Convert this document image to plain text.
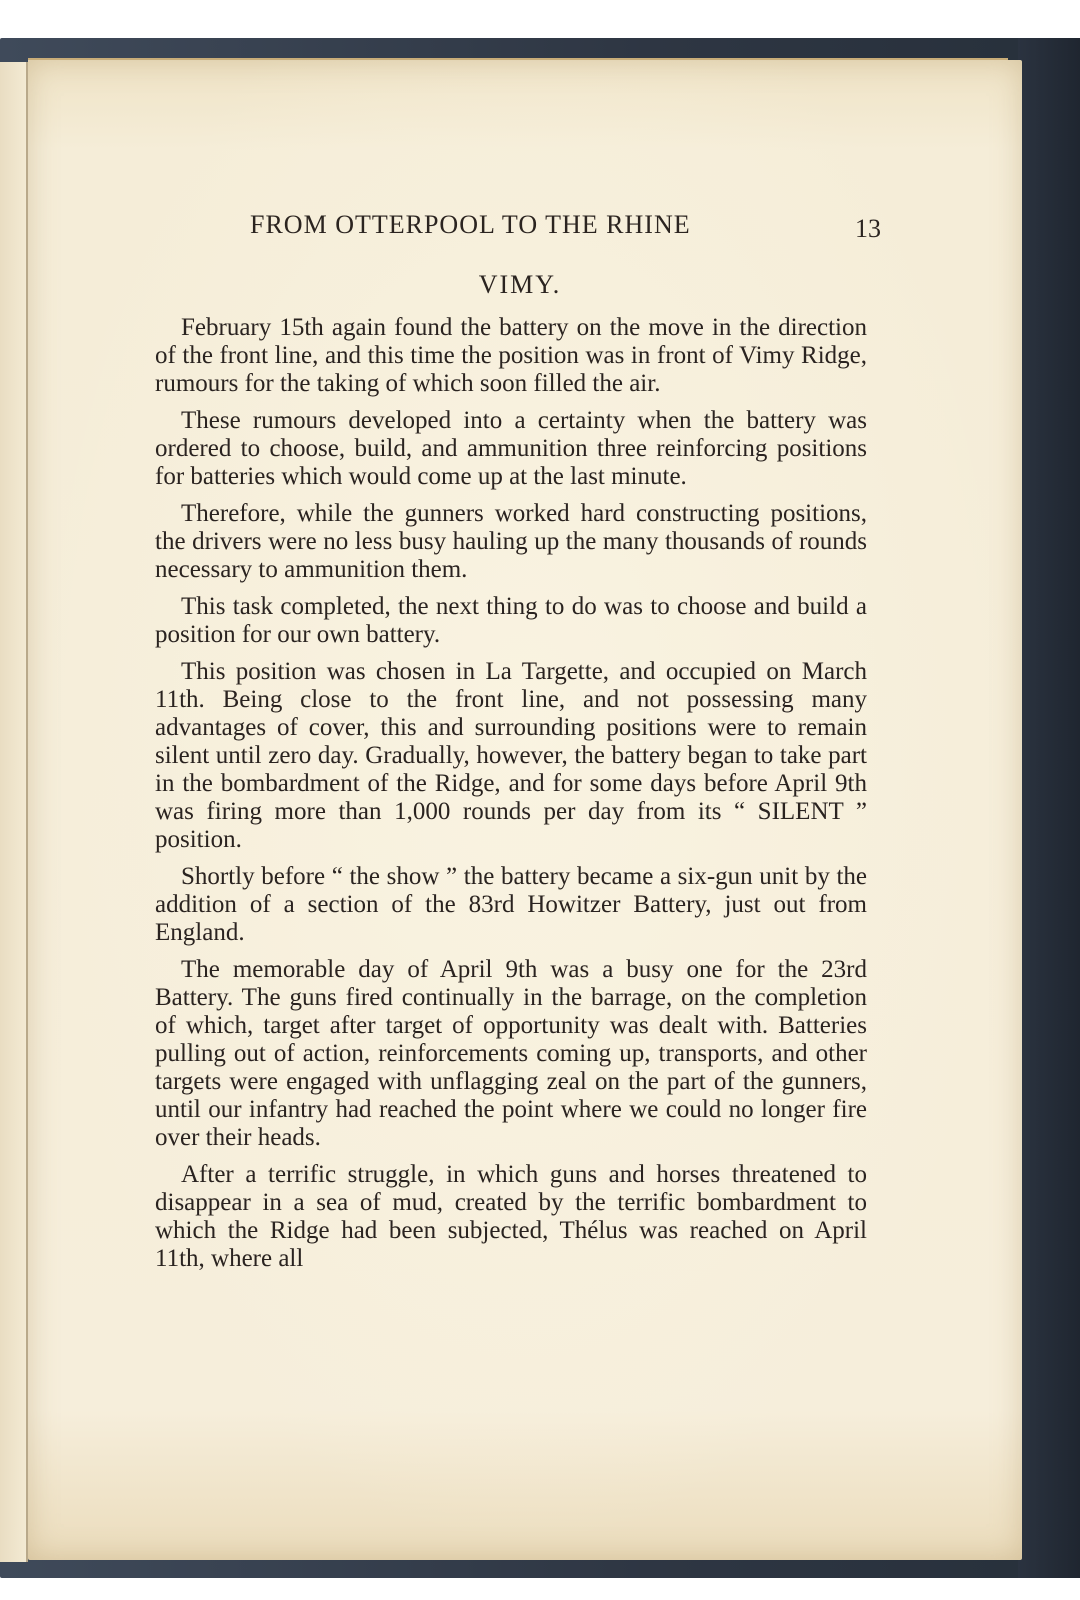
FROM OTTERPOOL TO THE RHINE	13
VIMY.

February 15th again found the battery on the move in the direction of the front line, and this time the position was in front of Vimy Ridge, rumours for the taking of which soon filled the air.

These rumours developed into a certainty when the battery was ordered to choose, build, and ammunition three reinforcing positions for batteries which would come up at the last minute.

Therefore, while the gunners worked hard constructing positions, the drivers were no less busy hauling up the many thousands of rounds necessary to ammunition them.

This task completed, the next thing to do was to choose and build a position for our own battery.

This position was chosen in La Targette, and occupied on March 11th. Being close to the front line, and not possessing many advantages of cover, this and surrounding positions were to remain silent until zero day. Gradually, however, the battery began to take part in the bombardment of the Ridge, and for some days before April 9th was firing more than 1,000 rounds per day from its “ SILENT ” position.

Shortly before “ the show ” the battery became a six-gun unit by the addition of a section of the 83rd Howitzer Battery, just out from England.

The memorable day of April 9th was a busy one for the 23rd Battery. The guns fired continually in the barrage, on the completion of which, target after target of opportunity was dealt with. Batteries pulling out of action, reinforcements coming up, transports, and other targets were engaged with unflagging zeal on the part of the gunners, until our infantry had reached the point where we could no longer fire over their heads.

After a terrific struggle, in which guns and horses threatened to disappear in a sea of mud, created by the terrific bombardment to which the Ridge had been subjected, Thélus was reached on April 11th, where all
